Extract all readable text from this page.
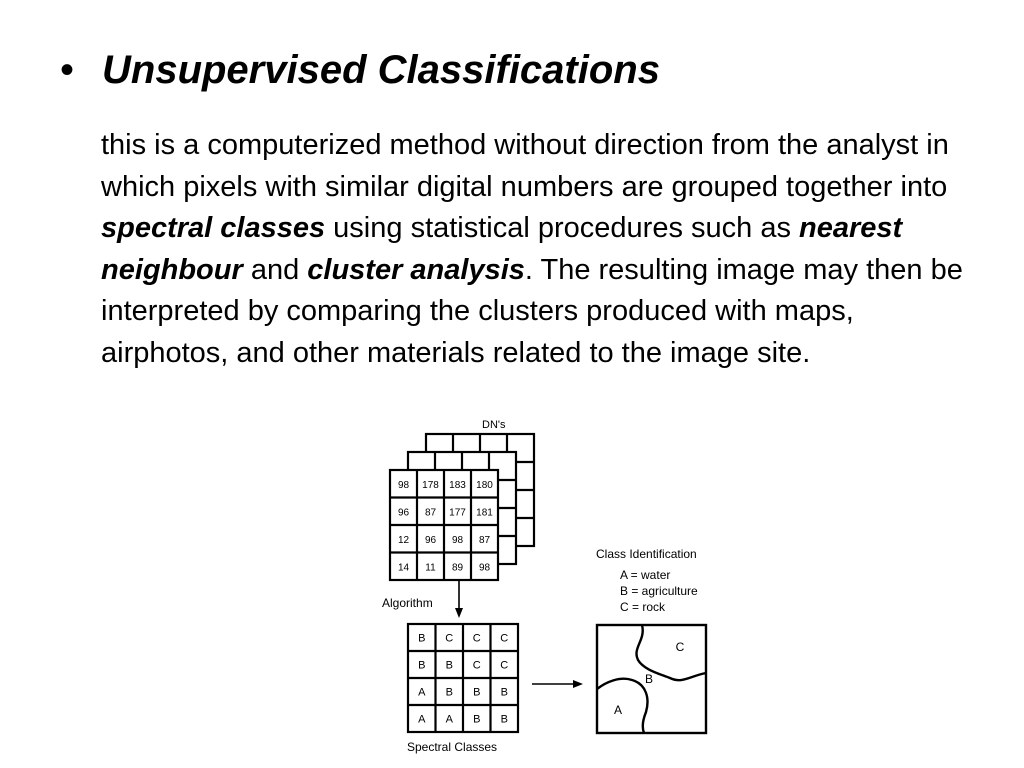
• Unsupervised Classifications
this is a computerized method without direction from the analyst in which pixels with similar digital numbers are grouped together into spectral classes using statistical procedures such as nearest neighbour and cluster analysis. The resulting image may then be interpreted by comparing the clusters produced with maps, airphotos, and other materials related to the image site.
98 178 183 180
96 87 177 181
12 96 98 87
14 11 89 98
DN's
Algorithm
B C C C
B B C C
A B B B
A A B B
Spectral Classes
Class Identification
A = water
B = agriculture
C = rock
A
B
C
